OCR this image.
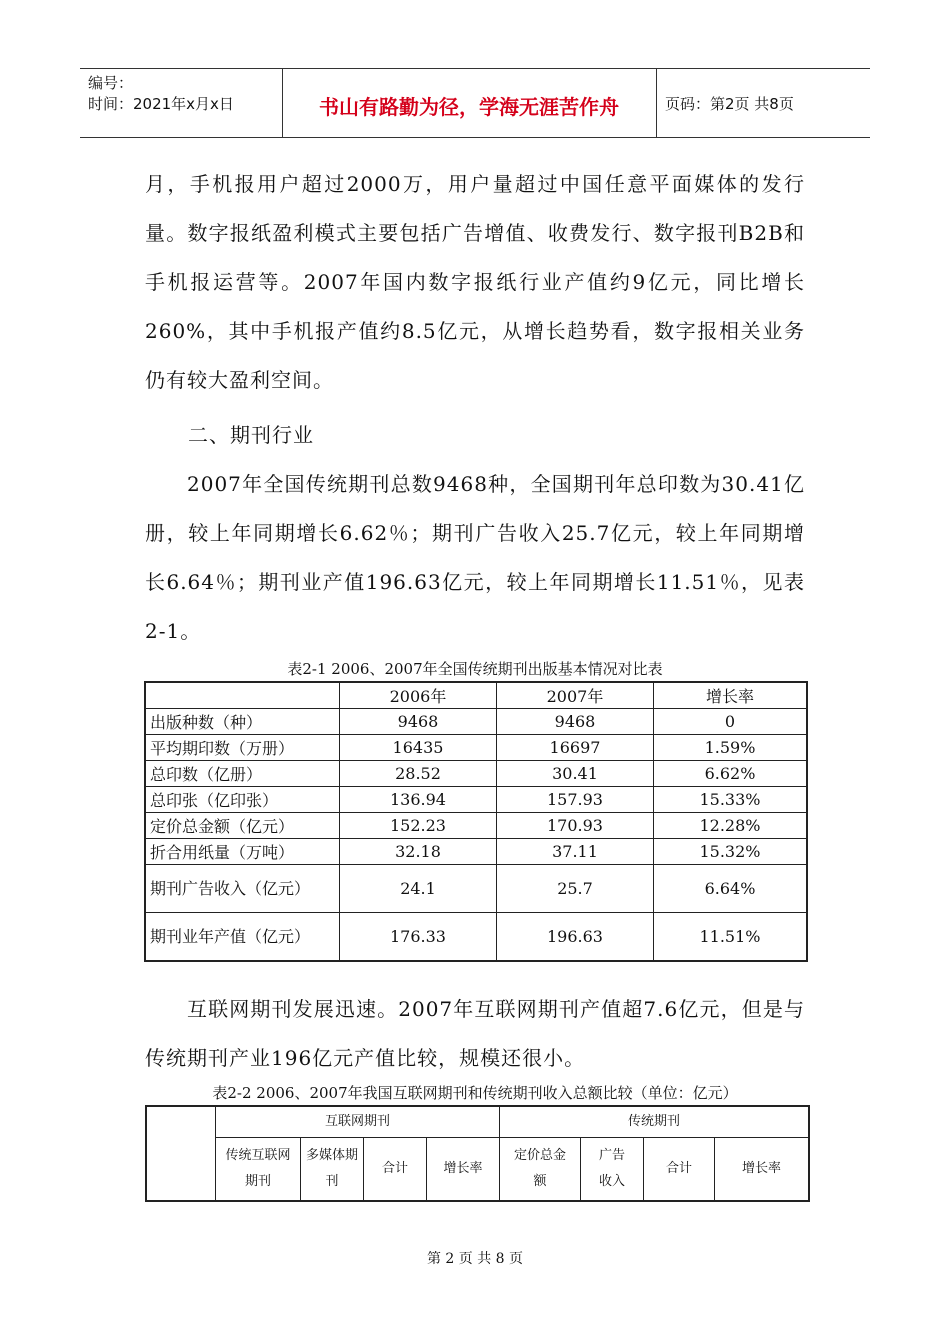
编号：
时间：2021年x月x日	书山有路勤为径，学海无涯苦作舟	页码：第2页 共8页

月，手机报用户超过2000万，用户量超过中国任意平面媒体的发行量。数字报纸盈利模式主要包括广告增值、收费发行、数字报刊B2B和手机报运营等。2007年国内数字报纸行业产值约9亿元，同比增长260%，其中手机报产值约8.5亿元，从增长趋势看，数字报相关业务仍有较大盈利空间。

二、期刊行业

2007年全国传统期刊总数9468种，全国期刊年总印数为30.41亿册，较上年同期增长6.62％；期刊广告收入25.7亿元，较上年同期增长6.64％；期刊业产值196.63亿元，较上年同期增长11.51％，见表2-1。

表2-1 2006、2007年全国传统期刊出版基本情况对比表
	2006年	2007年	增长率
出版种数（种）	9468	9468	0
平均期印数（万册）	16435	16697	1.59%
总印数（亿册）	28.52	30.41	6.62%
总印张（亿印张）	136.94	157.93	15.33%
定价总金额（亿元）	152.23	170.93	12.28%
折合用纸量（万吨）	32.18	37.11	15.32%
期刊广告收入（亿元）	24.1	25.7	6.64%
期刊业年产值（亿元）	176.33	196.63	11.51%

互联网期刊发展迅速。2007年互联网期刊产值超7.6亿元，但是与传统期刊产业196亿元产值比较，规模还很小。

表2-2 2006、2007年我国互联网期刊和传统期刊收入总额比较（单位：亿元）
	互联网期刊				传统期刊			

	传统互联网期刊	多媒体期刊	合计	增长率	定价总金额	广告收入	合计	增长率
第 2 页 共 8 页
